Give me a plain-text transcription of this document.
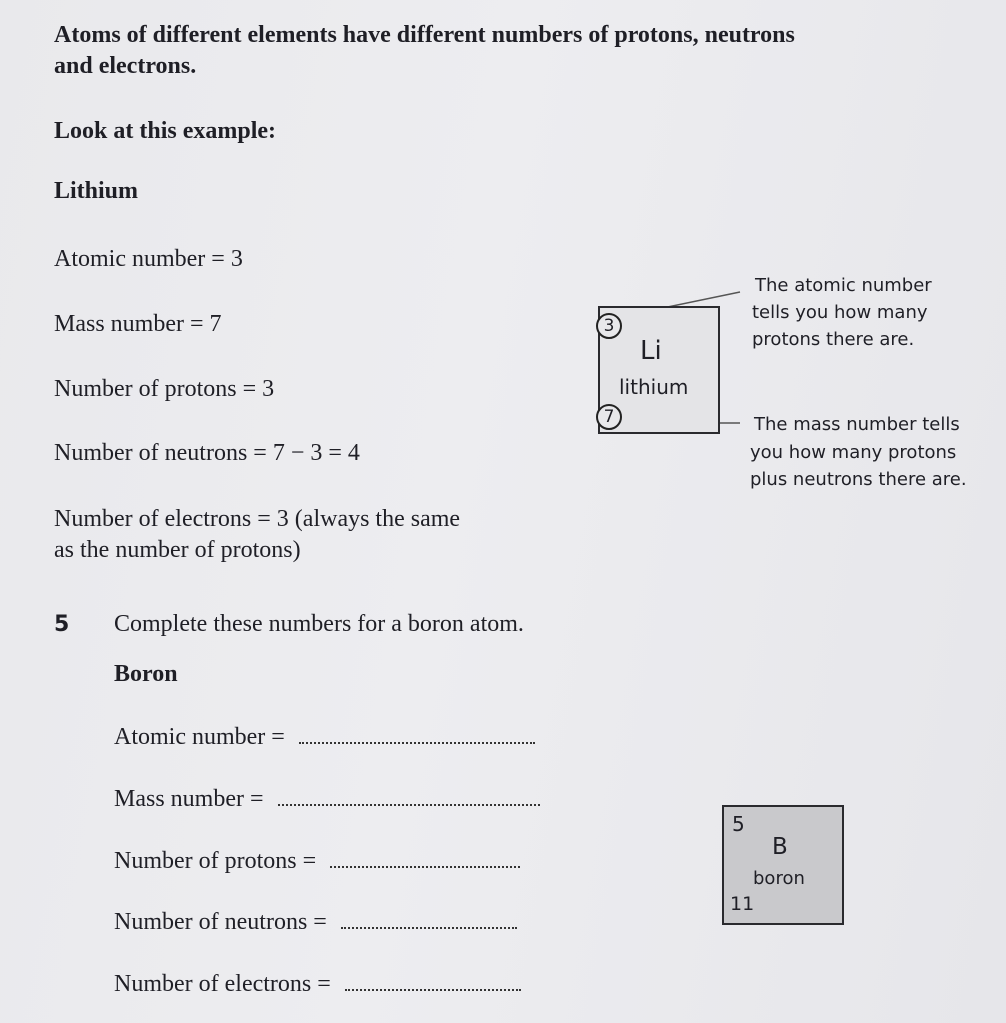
Atoms of different elements have different numbers of protons, neutrons
and electrons.
Look at this example:
Lithium
Atomic number = 3
Mass number = 7
Number of protons = 3
Number of neutrons = 7 − 3 = 4
Number of electrons = 3 (always the same
as the number of protons)
3
Li
lithium
7
The atomic number
tells you how many
protons there are.
The mass number tells
you how many protons
plus neutrons there are.
5 Complete these numbers for a boron atom.
Boron
Atomic number =
Mass number =
Number of protons =
Number of neutrons =
Number of electrons =
5
B
boron
11
